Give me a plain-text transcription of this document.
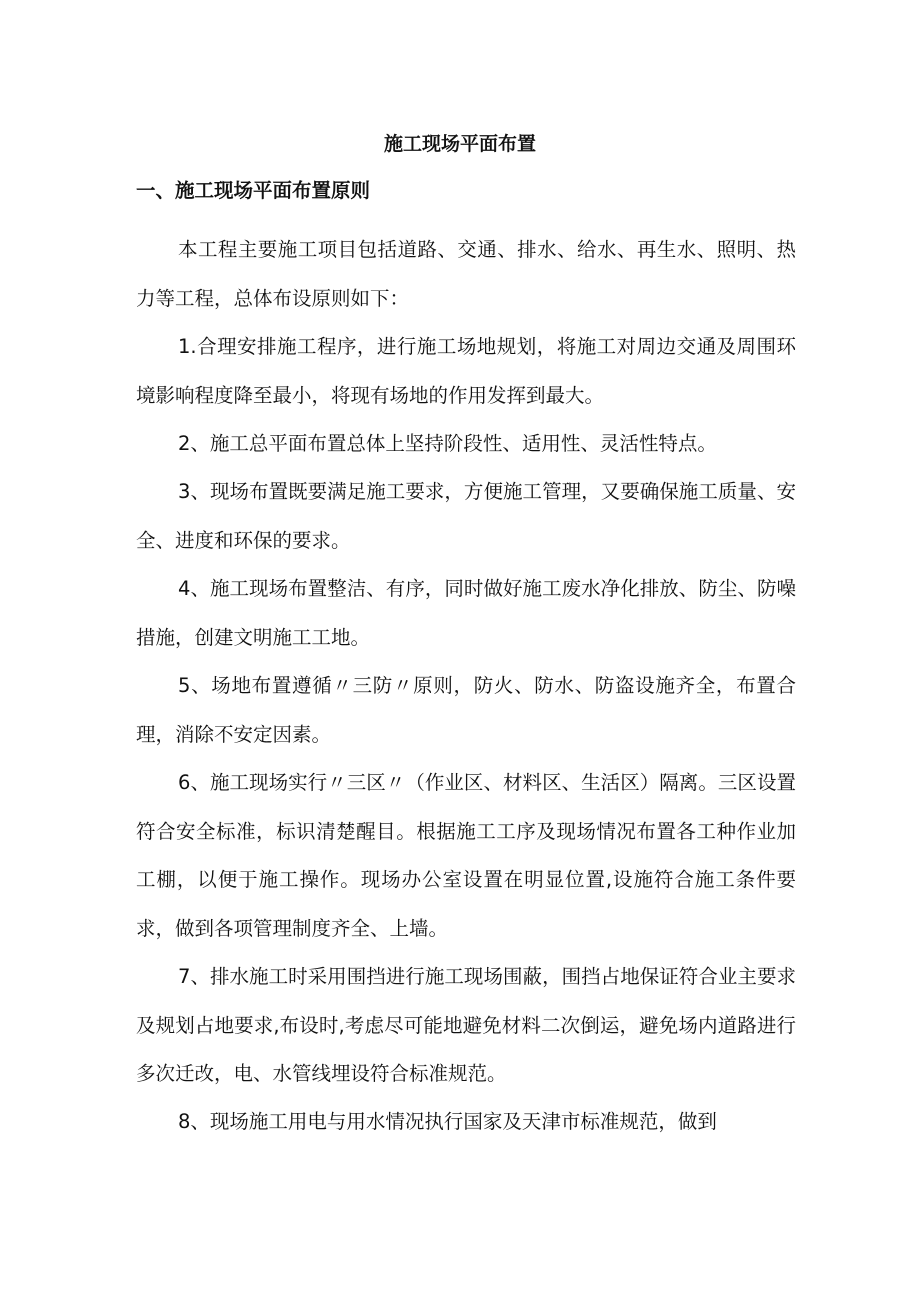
施工现场平面布置
一、施工现场平面布置原则

本工程主要施工项目包括道路、交通、排水、给水、再生水、照明、热力等工程，总体布设原则如下：

1.合理安排施工程序，进行施工场地规划，将施工对周边交通及周围环境影响程度降至最小，将现有场地的作用发挥到最大。

2、施工总平面布置总体上坚持阶段性、适用性、灵活性特点。

3、现场布置既要满足施工要求，方便施工管理，又要确保施工质量、安全、进度和环保的要求。

4、施工现场布置整洁、有序，同时做好施工废水净化排放、防尘、防噪措施，创建文明施工工地。

5、场地布置遵循〃三防〃原则，防火、防水、防盗设施齐全，布置合理，消除不安定因素。

6、施工现场实行〃三区〃（作业区、材料区、生活区）隔离。三区设置符合安全标准，标识清楚醒目。根据施工工序及现场情况布置各工种作业加工棚，以便于施工操作。现场办公室设置在明显位置,设施符合施工条件要求，做到各项管理制度齐全、上墙。

7、排水施工时采用围挡进行施工现场围蔽，围挡占地保证符合业主要求及规划占地要求,布设时,考虑尽可能地避免材料二次倒运，避免场内道路进行多次迁改，电、水管线埋设符合标准规范。

8、现场施工用电与用水情况执行国家及天津市标准规范，做到
